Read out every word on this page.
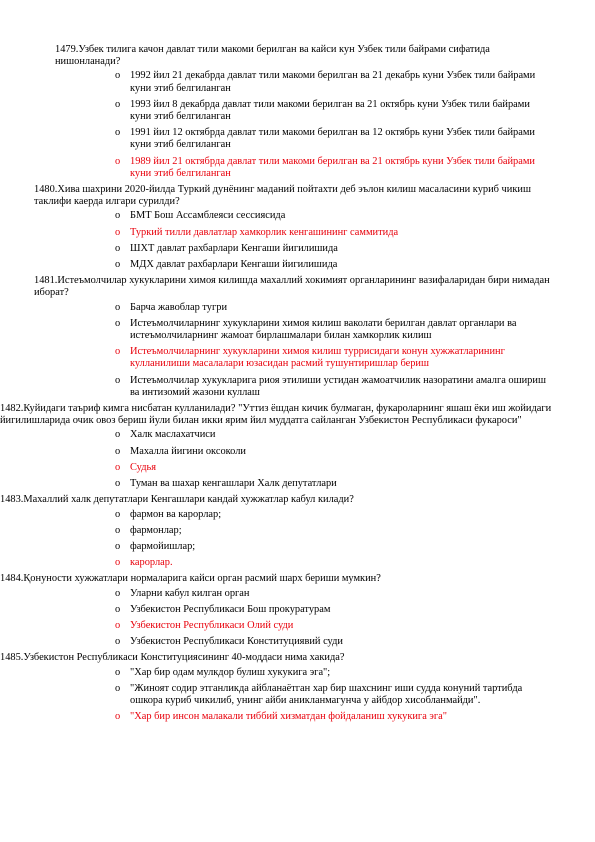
1479.Узбек тилига качон давлат тили макоми берилган ва кайси кун Узбек тили байрами сифатида нишонланади?

o 1992 йил 21 декабрда давлат тили макоми берилган ва 21 декабрь куни Узбек тили байрами куни этиб белгиланган
o 1993 йил 8 декабрда давлат тили макоми берилган ва 21 октябрь куни Узбек тили байрами куни этиб белгиланган
o 1991 йил 12 октябрда давлат тили макоми берилган ва 12 октябрь куни Узбек тили байрами куни этиб белгиланган
o 1989 йил 21 октябрда давлат тили макоми берилган ва 21 октябрь куни Узбек тили байрами куни этиб белгиланган

1480.Хива шахрини 2020-йилда Туркий дунёнинг маданий пойтахти деб эълон килиш масаласини куриб чикиш таклифи каерда илгари сурилди?

o БМТ Бош Ассамблеяси сессиясида
o Туркий тилли давлатлар хамкорлик кенгашининг саммитида
o ШХТ давлат рахбарлари Кенгаши йигилишида
o МДХ давлат рахбарлари Кенгаши йигилишида

1481.Истеъмолчилар хукукларини химоя килишда махаллий хокимият органларининг вазифаларидан бири нимадан иборат?

o Барча жавоблар тугри
o Истеъмолчиларнинг хукукларини химоя килиш ваколати берилган давлат органлари ва истеъмолчиларнинг жамоат бирлашмалари билан хамкорлик килиш
o Истеъмолчиларнинг хукукларини химоя килиш туррисидаги конун хужжатларининг кулланилиши масалалари юзасидан расмий тушунтиришлар бериш
o Истеъмолчилар хукукларига риоя этилиши устидан жамоатчилик назоратини амалга ошириш ва интизомий жазони куллаш

1482.Куйидаги таъриф кимга нисбатан кулланилади? "Уттиз ёшдан кичик булмаган, фукароларнинг яшаш ёки иш жойидаги йигилишларида очик овоз бериш йули билан икки ярим йил муддатга сайланган Узбекистон Республикаси фукароси"

o Халк маслахатчиси
o Махалла йигини оксоколи
o Судья
o Туман ва шахар кенгашлари Халк депутатлари

1483.Махаллий халк депутатлари Кенгашлари кандай хужжатлар кабул килади?

o фармон ва карорлар;
o фармонлар;
o фармойишлар;
o карорлар.

1484.Қонуности хужжатлари нормаларига кайси орган расмий шарх бериши мумкин?

o Уларни кабул килган орган
o Узбекистон Республикаси Бош прокуратурам
o Узбекистон Республикаси Олий суди
o Узбекистон Республикаси Конституциявий суди

1485.Узбекистон Республикаси Конституциясининг 40-моддаси нима хакида?

o "Хар бир одам мулкдор булиш хукукига эга";
o "Жиноят содир этганликда айбланаётган хар бир шахснинг иши судда конуний тартибда ошкора куриб чикилиб, унинг айби аникланмагунча у айбдор хисобланмайди".
o "Хар бир инсон малакали тиббий хизматдан фойдаланиш хукукига эга"
